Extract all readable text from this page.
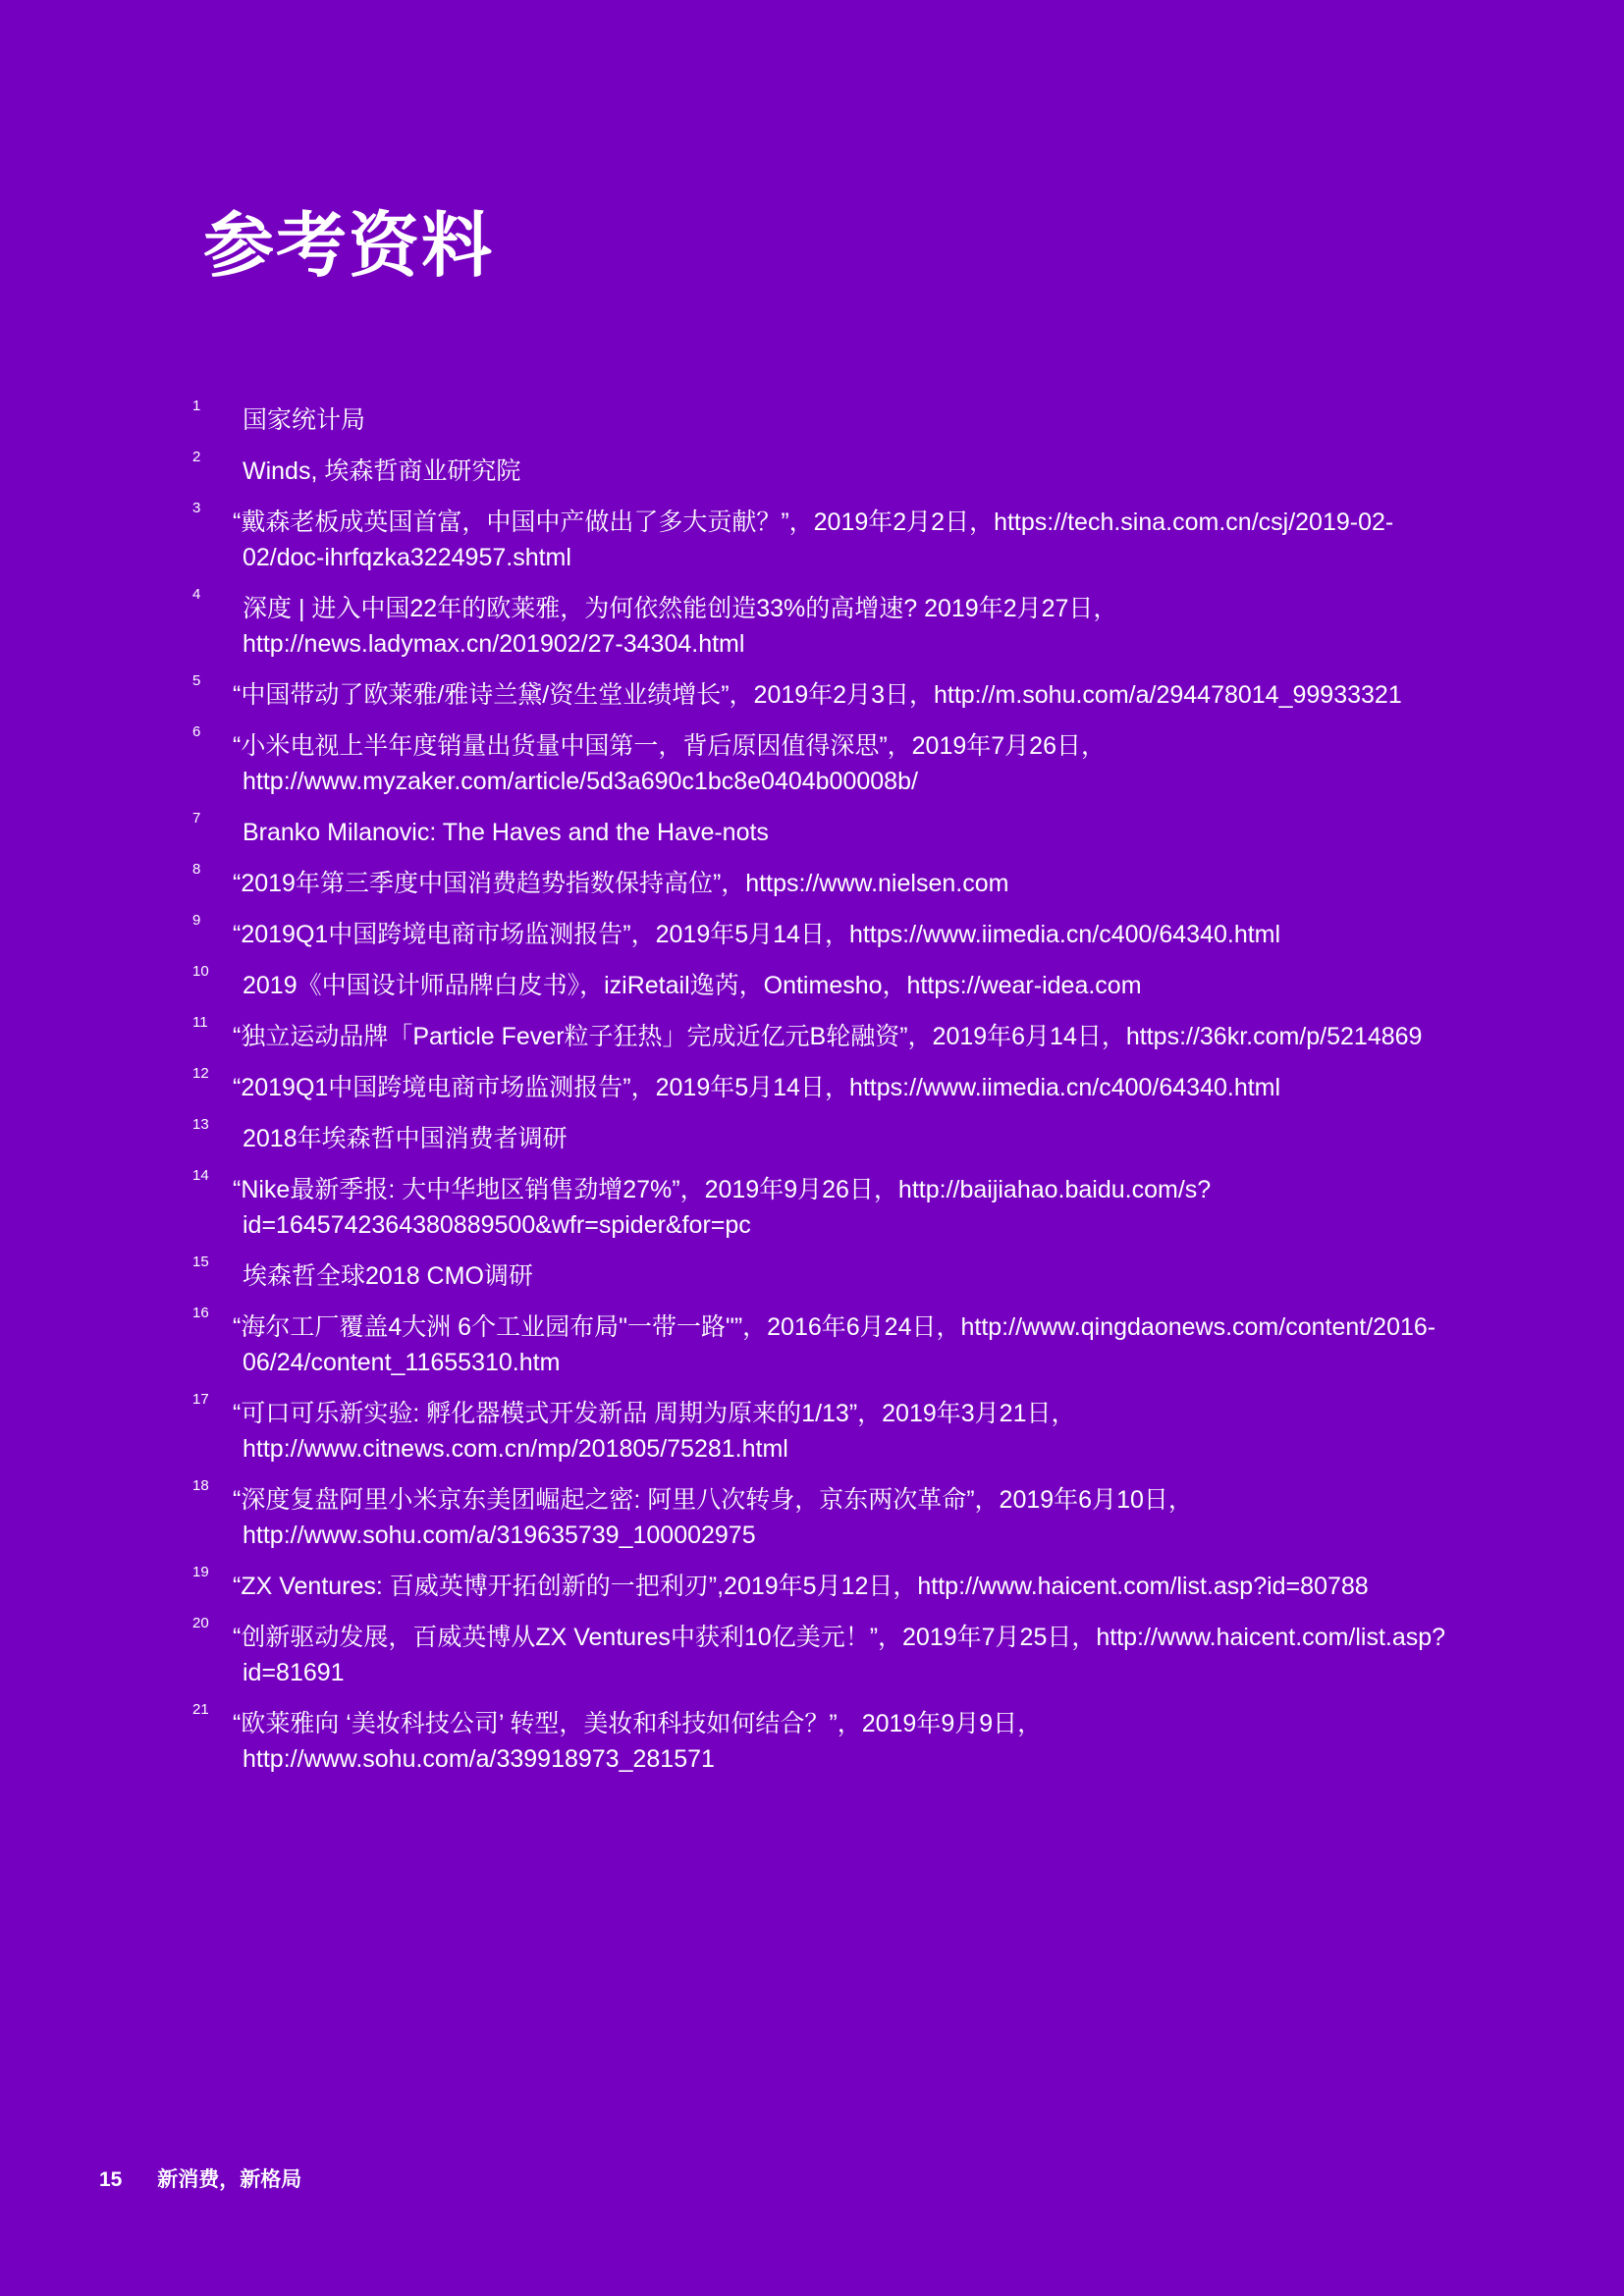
参考资料
1
国家统计局
2
Winds, 埃森哲商业研究院
3
“戴森老板成英国首富，中国中产做出了多大贡献？”，2019年2月2日，https://tech.sina.com.cn/csj/2019-02-02/doc-ihrfqzka3224957.shtml
4
深度 | 进入中国22年的欧莱雅，为何依然能创造33%的高增速? 2019年2月27日，http://news.ladymax.cn/201902/27-34304.html
5
“中国带动了欧莱雅/雅诗兰黛/资生堂业绩增长”，2019年2月3日，http://m.sohu.com/a/294478014_99933321
6
“小米电视上半年度销量出货量中国第一，背后原因值得深思”，2019年7月26日，http://www.myzaker.com/article/5d3a690c1bc8e0404b00008b/
7
Branko Milanovic: The Haves and the Have-nots
8
“2019年第三季度中国消费趋势指数保持高位”，https://www.nielsen.com
9
“2019Q1中国跨境电商市场监测报告”，2019年5月14日，https://www.iimedia.cn/c400/64340.html
10
2019《中国设计师品牌白皮书》，iziRetail逸芮，Ontimesho，https://wear-idea.com
11
“独立运动品牌「Particle Fever粒子狂热」完成近亿元B轮融资”，2019年6月14日，https://36kr.com/p/5214869
12
“2019Q1中国跨境电商市场监测报告”，2019年5月14日，https://www.iimedia.cn/c400/64340.html
13
2018年埃森哲中国消费者调研
14
“Nike最新季报: 大中华地区销售劲增27%”，2019年9月26日，http://baijiahao.baidu.com/s?id=1645742364380889500&wfr=spider&for=pc
15
埃森哲全球2018 CMO调研
16
“海尔工厂覆盖4大洲 6个工业园布局"一带一路"”，2016年6月24日，http://www.qingdaonews.com/content/2016-06/24/content_11655310.htm
17
“可口可乐新实验: 孵化器模式开发新品 周期为原来的1/13”，2019年3月21日，http://www.citnews.com.cn/mp/201805/75281.html
18
“深度复盘阿里小米京东美团崛起之密: 阿里八次转身，京东两次革命”，2019年6月10日，http://www.sohu.com/a/319635739_100002975
19
“ZX Ventures: 百威英博开拓创新的一把利刃”,2019年5月12日，http://www.haicent.com/list.asp?id=80788
20
“创新驱动发展，百威英博从ZX Ventures中获利10亿美元！”，2019年7月25日，http://www.haicent.com/list.asp?id=81691
21
“欧莱雅向 ‘美妆科技公司’ 转型，美妆和科技如何结合？”，2019年9月9日，http://www.sohu.com/a/339918973_281571
15 新消费，新格局
